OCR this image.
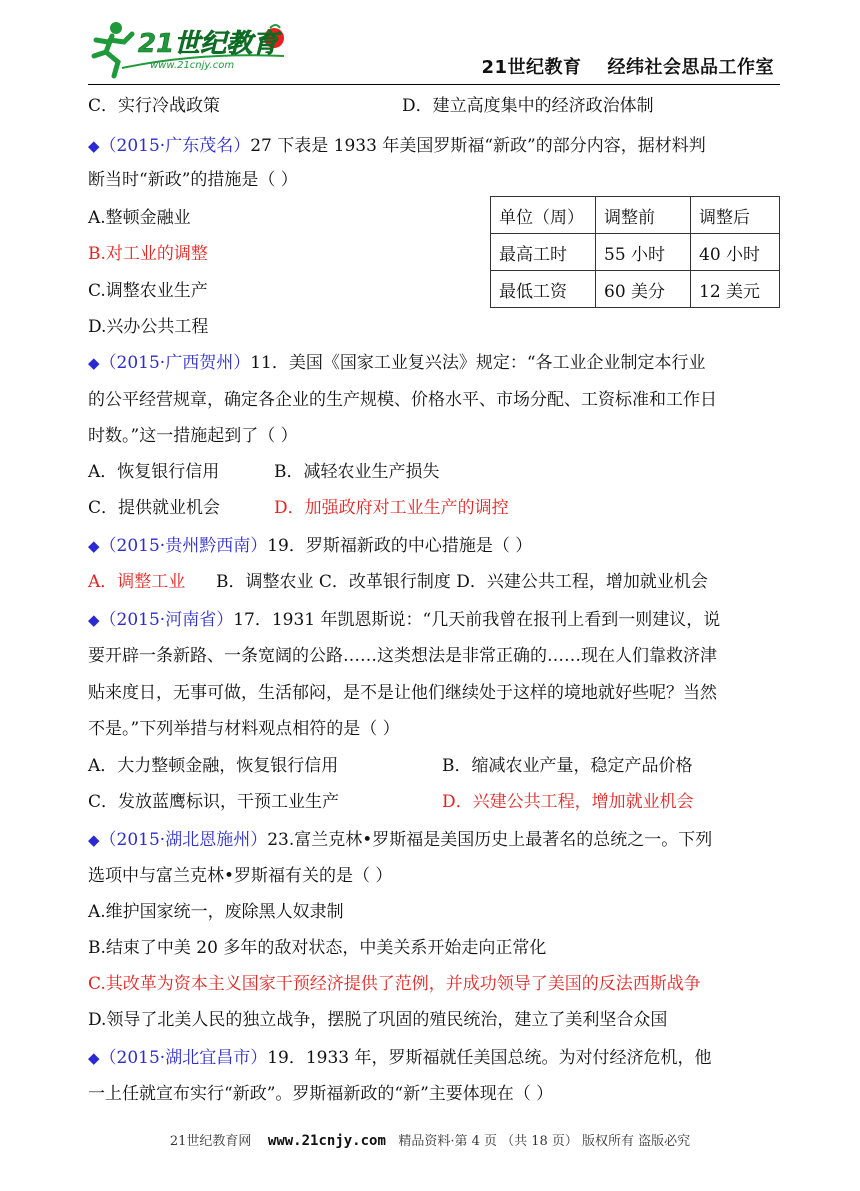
21世纪教育
www.21cnjy.com	21世纪教育 经纬社会思品工作室
C．实行冷战政策	D．建立高度集中的经济政治体制
◆（2015·广东茂名）27 下表是 1933 年美国罗斯福“新政”的部分内容，据材料判
断当时“新政”的措施是（ ）
A.整顿金融业
B.对工业的调整
C.调整农业生产
D.兴办公共工程
单位（周）	调整前	调整后
最高工时	55 小时	40 小时
最低工资	60 美分	12 美元
◆（2015·广西贺州）11．美国《国家工业复兴法》规定：“各工业企业制定本行业
的公平经营规章，确定各企业的生产规模、价格水平、市场分配、工资标准和工作日
时数。”这一措施起到了（ ）
A．恢复银行信用	B．减轻农业生产损失
C．提供就业机会	D．加强政府对工业生产的调控
◆（2015·贵州黔西南）19．罗斯福新政的中心措施是（ ）
A．调整工业 B．调整农业 C．改革银行制度 D．兴建公共工程，增加就业机会
◆（2015·河南省）17．1931 年凯恩斯说：“几天前我曾在报刊上看到一则建议，说
要开辟一条新路、一条宽阔的公路……这类想法是非常正确的……现在人们靠救济津
贴来度日，无事可做，生活郁闷，是不是让他们继续处于这样的境地就好些呢？当然
不是。”下列举措与材料观点相符的是（ ）
A．大力整顿金融，恢复银行信用	B．缩减农业产量，稳定产品价格
C．发放蓝鹰标识，干预工业生产	D．兴建公共工程，增加就业机会
◆（2015·湖北恩施州）23.富兰克林•罗斯福是美国历史上最著名的总统之一。下列
选项中与富兰克林•罗斯福有关的是（ ）
A.维护国家统一，废除黑人奴隶制
B.结束了中美 20 多年的敌对状态，中美关系开始走向正常化
C.其改革为资本主义国家干预经济提供了范例，并成功领导了美国的反法西斯战争
D.领导了北美人民的独立战争，摆脱了巩固的殖民统治，建立了美利坚合众国
◆（2015·湖北宜昌市）19．1933 年，罗斯福就任美国总统。为对付经济危机，他
一上任就宣布实行“新政”。罗斯福新政的“新”主要体现在（ ）
21世纪教育网 www.21cnjy.com 精品资料·第 4 页 （共 18 页） 版权所有 盗版必究
